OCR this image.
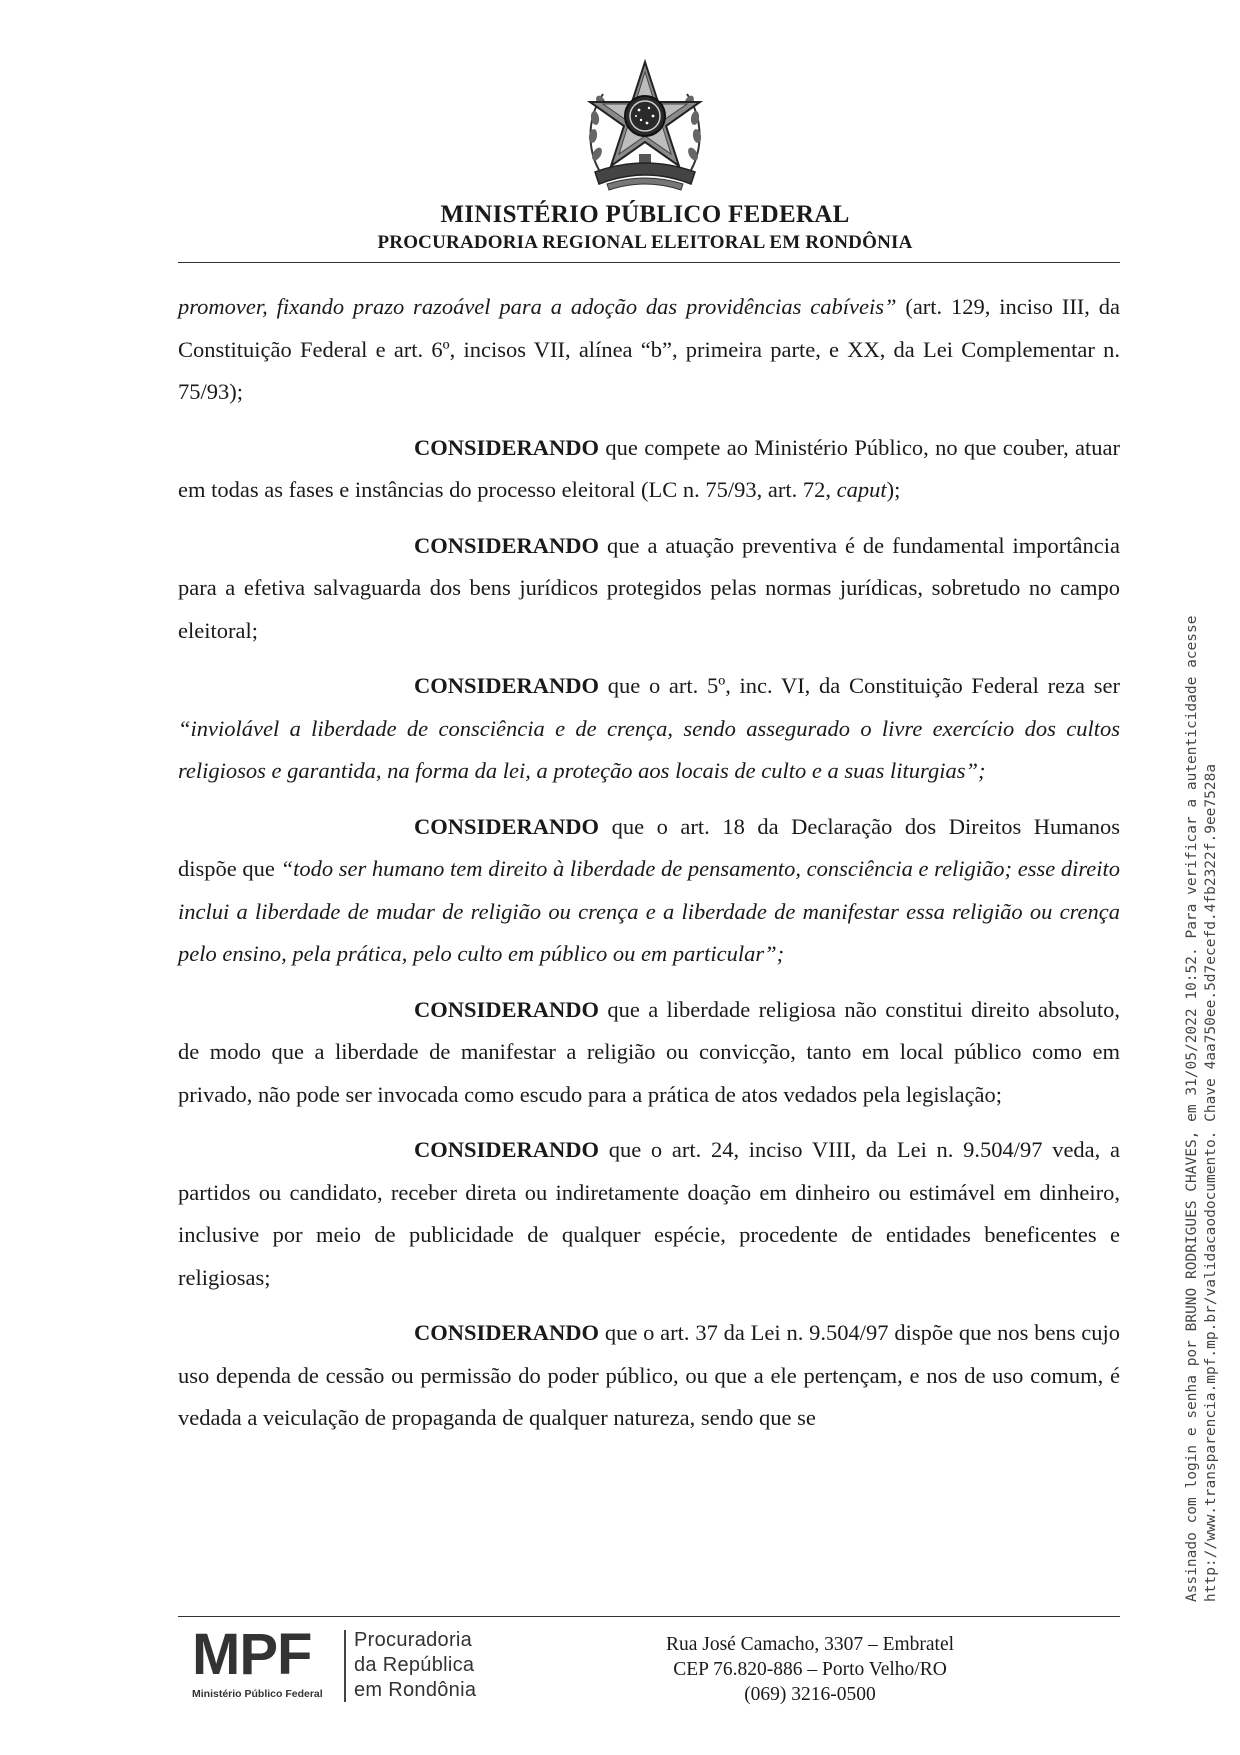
MINISTÉRIO PÚBLICO FEDERAL
PROCURADORIA REGIONAL ELEITORAL EM RONDÔNIA

promover, fixando prazo razoável para a adoção das providências cabíveis” (art. 129, inciso III, da Constituição Federal e art. 6º, incisos VII, alínea “b”, primeira parte, e XX, da Lei Complementar n. 75/93);

CONSIDERANDO que compete ao Ministério Público, no que couber, atuar em todas as fases e instâncias do processo eleitoral (LC n. 75/93, art. 72, caput);

CONSIDERANDO que a atuação preventiva é de fundamental importância para a efetiva salvaguarda dos bens jurídicos protegidos pelas normas jurídicas, sobretudo no campo eleitoral;

CONSIDERANDO que o art. 5º, inc. VI, da Constituição Federal reza ser “inviolável a liberdade de consciência e de crença, sendo assegurado o livre exercício dos cultos religiosos e garantida, na forma da lei, a proteção aos locais de culto e a suas liturgias”;

CONSIDERANDO que o art. 18 da Declaração dos Direitos Humanos dispõe que “todo ser humano tem direito à liberdade de pensamento, consciência e religião; esse direito inclui a liberdade de mudar de religião ou crença e a liberdade de manifestar essa religião ou crença pelo ensino, pela prática, pelo culto em público ou em particular”;

CONSIDERANDO que a liberdade religiosa não constitui direito absoluto, de modo que a liberdade de manifestar a religião ou convicção, tanto em local público como em privado, não pode ser invocada como escudo para a prática de atos vedados pela legislação;

CONSIDERANDO que o art. 24, inciso VIII, da Lei n. 9.504/97 veda, a partidos ou candidato, receber direta ou indiretamente doação em dinheiro ou estimável em dinheiro, inclusive por meio de publicidade de qualquer espécie, procedente de entidades beneficentes e religiosas;

CONSIDERANDO que o art. 37 da Lei n. 9.504/97 dispõe que nos bens cujo uso dependa de cessão ou permissão do poder público, ou que a ele pertençam, e nos de uso comum, é vedada a veiculação de propaganda de qualquer natureza, sendo que se	Assinado com login e senha por BRUNO RODRIGUES CHAVES, em 31/05/2022 10:52. Para verificar a autenticidade acesse http://www.transparencia.mpf.mp.br/validacaodocumento. Chave 4aa750ee.5d7ecefd.4fb2322f.9ee7528a
MPF
Ministério Público Federal
Procuradoria
da República
em Rondônia
Rua José Camacho, 3307 – Embratel
CEP 76.820-886 – Porto Velho/RO
(069) 3216-0500
